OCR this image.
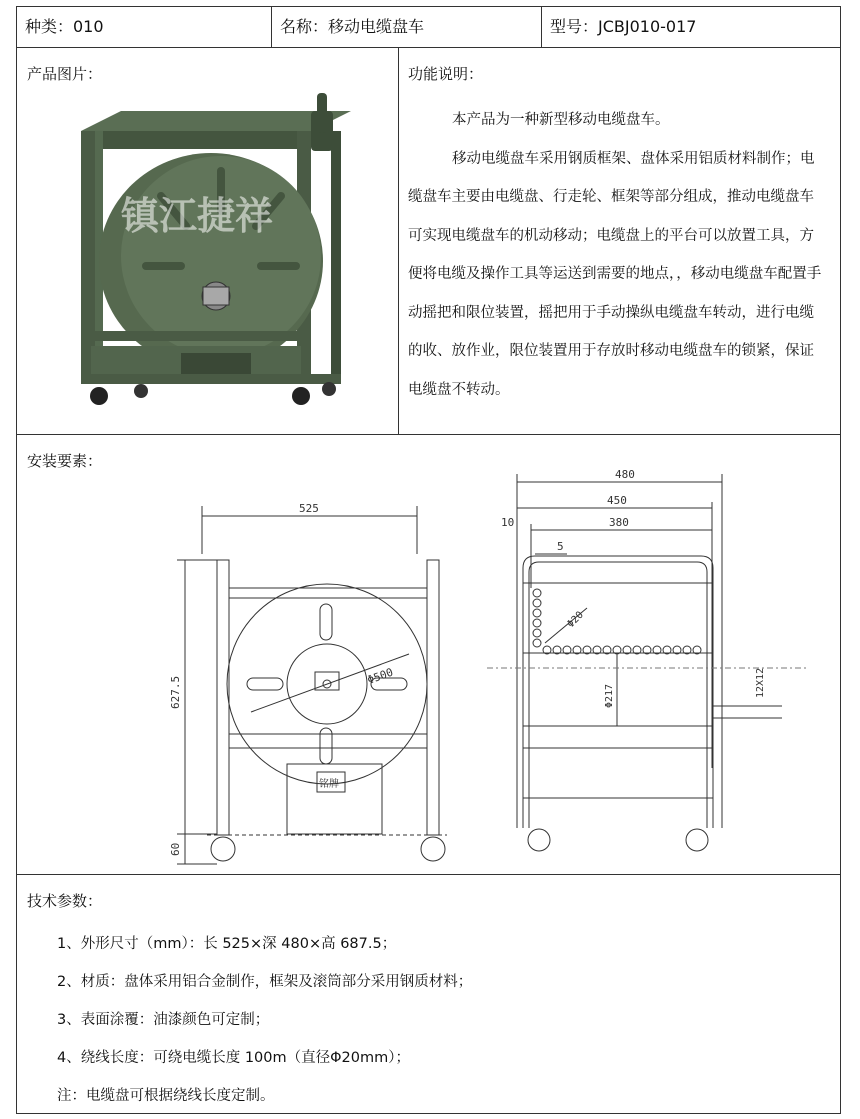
种类：010	名称：移动电缆盘车	型号：JCBJ010-017
产品图片：
镇江捷祥
功能说明：

本产品为一种新型移动电缆盘车。

移动电缆盘车采用钢质框架、盘体采用铝质材料制作；电缆盘车主要由电缆盘、行走轮、框架等部分组成，推动电缆盘车可实现电缆盘车的机动移动；电缆盘上的平台可以放置工具，方便将电缆及操作工具等运送到需要的地点，，移动电缆盘车配置手动摇把和限位装置，摇把用于手动操纵电缆盘车转动，进行电缆的收、放作业，限位装置用于存放时移动电缆盘车的锁紧，保证电缆盘不转动。

安装要素：
525
627.5
60
Φ500
铭牌
480
450
380
10
5
Φ20
Φ217	12X12
技术参数：
1、外形尺寸（mm）：长 525×深 480×高 687.5；
2、材质：盘体采用铝合金制作，框架及滚筒部分采用钢质材料；
3、表面涂覆：油漆颜色可定制；
4、绕线长度：可绕电缆长度 100m（直径Φ20mm）；
注：电缆盘可根据绕线长度定制。
